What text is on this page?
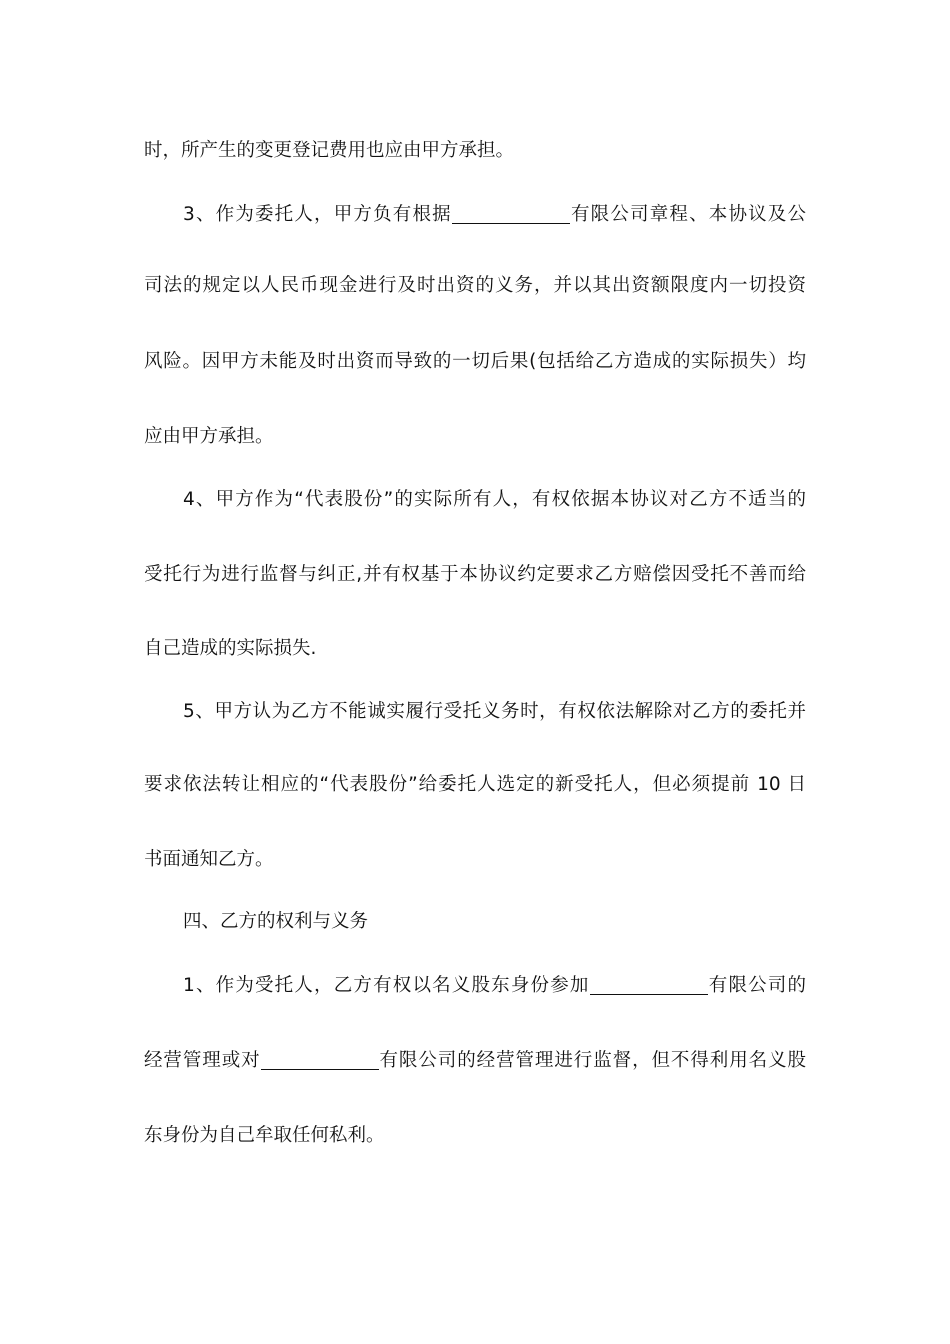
时，所产生的变更登记费用也应由甲方承担。
3、作为委托人，甲方负有根据	有限公司章程、本协议及公
司法的规定以人民币现金进行及时出资的义务，并以其出资额限度内一切投资
风险。因甲方未能及时出资而导致的一切后果(包括给乙方造成的实际损失）均
应由甲方承担。
4、甲方作为“代表股份”的实际所有人，有权依据本协议对乙方不适当的
受托行为进行监督与纠正,并有权基于本协议约定要求乙方赔偿因受托不善而给
自己造成的实际损失.
5、甲方认为乙方不能诚实履行受托义务时，有权依法解除对乙方的委托并
要求依法转让相应的“代表股份”给委托人选定的新受托人，但必须提前 10 日
书面通知乙方。
四、乙方的权利与义务
1、作为受托人，乙方有权以名义股东身份参加	有限公司的
经营管理或对	有限公司的经营管理进行监督，但不得利用名义股
东身份为自己牟取任何私利。
